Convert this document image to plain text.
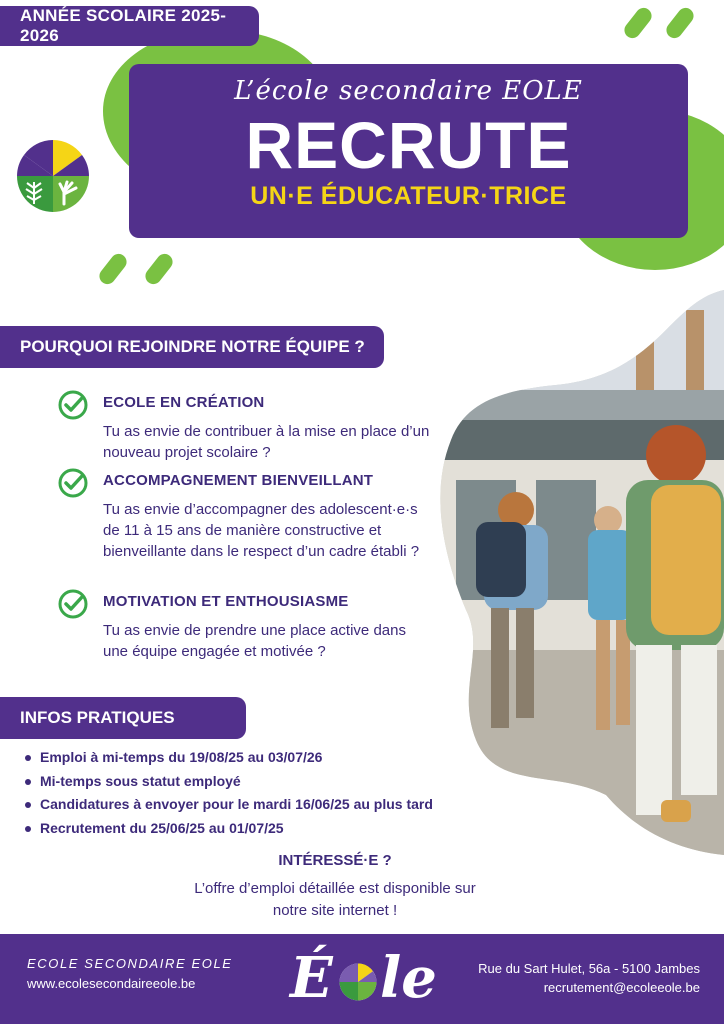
ANNÉE SCOLAIRE 2025-2026
L’école secondaire EOLE
RECRUTE
UN·E ÉDUCATEUR·TRICE
POURQUOI REJOINDRE NOTRE ÉQUIPE ?
ECOLE EN CRÉATION
Tu as envie de contribuer à la mise en place d’un nouveau projet scolaire ?
ACCOMPAGNEMENT BIENVEILLANT
Tu as envie d’accompagner des adolescent·e·s de 11 à 15 ans de manière constructive et bienveillante dans le respect d’un cadre établi ?
MOTIVATION ET ENTHOUSIASME
Tu as envie de prendre une place active dans une équipe engagée et motivée ?
INFOS PRATIQUES
Emploi à mi-temps du 19/08/25 au 03/07/26
Mi-temps sous statut employé
Candidatures à envoyer pour le mardi 16/06/25 au plus tard
Recrutement du 25/06/25 au 01/07/25
INTÉRESSÉ·E ?
L’offre d’emploi détaillée est disponible sur notre site internet !
ECOLE SECONDAIRE EOLE
www.ecolesecondaireeole.be É le	Rue du Sart Hulet, 56a - 5100 Jambes
recrutement@ecoleeole.be
